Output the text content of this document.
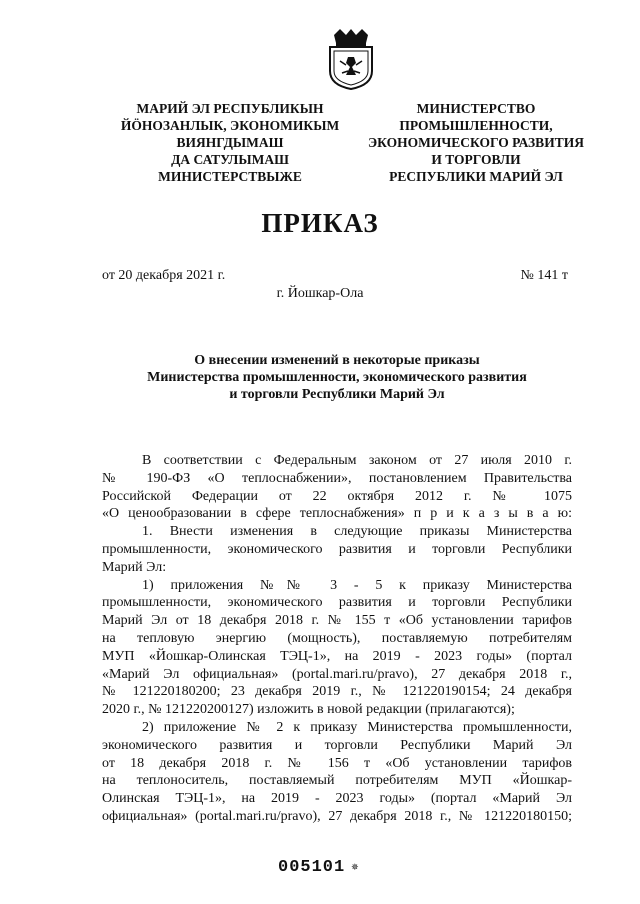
МАРИЙ ЭЛ РЕСПУБЛИКЫН
ЙӦНОЗАНЛЫК, ЭКОНОМИКЫМ
ВИЯНГДЫМАШ
ДА САТУЛЫМАШ
МИНИСТЕРСТВЫЖЕ
МИНИСТЕРСТВО
ПРОМЫШЛЕННОСТИ,
ЭКОНОМИЧЕСКОГО РАЗВИТИЯ
И ТОРГОВЛИ
РЕСПУБЛИКИ МАРИЙ ЭЛ
ПРИКАЗ
от 20 декабря 2021 г.	№ 141 т
г. Йошкар-Ола
О внесении изменений в некоторые приказы
Министерства промышленности, экономического развития
и торговли Республики Марий Эл
В соответствии с Федеральным законом от 27 июля 2010 г.
№ 190-ФЗ «О теплоснабжении», постановлением Правительства
Российской Федерации от 22 октября 2012 г. № 1075
«О ценообразовании в сфере теплоснабжения» п р и к а з ы в а ю:
1. Внести изменения в следующие приказы Министерства
промышленности, экономического развития и торговли Республики
Марий Эл:
1) приложения №№ 3 - 5 к приказу Министерства
промышленности, экономического развития и торговли Республики
Марий Эл от 18 декабря 2018 г. № 155 т «Об установлении тарифов
на тепловую энергию (мощность), поставляемую потребителям
МУП «Йошкар-Олинская ТЭЦ-1», на 2019 - 2023 годы» (портал
«Марий Эл официальная» (portal.mari.ru/pravo), 27 декабря 2018 г.,
№ 121220180200; 23 декабря 2019 г., № 121220190154; 24 декабря
2020 г., № 121220200127) изложить в новой редакции (прилагаются);
2) приложение № 2 к приказу Министерства промышленности,
экономического развития и торговли Республики Марий Эл
от 18 декабря 2018 г. № 156 т «Об установлении тарифов
на теплоноситель, поставляемый потребителям МУП «Йошкар-
Олинская ТЭЦ-1», на 2019 - 2023 годы» (портал «Марий Эл
официальная» (portal.mari.ru/pravo), 27 декабря 2018 г., № 121220180150;
005101 ✵
